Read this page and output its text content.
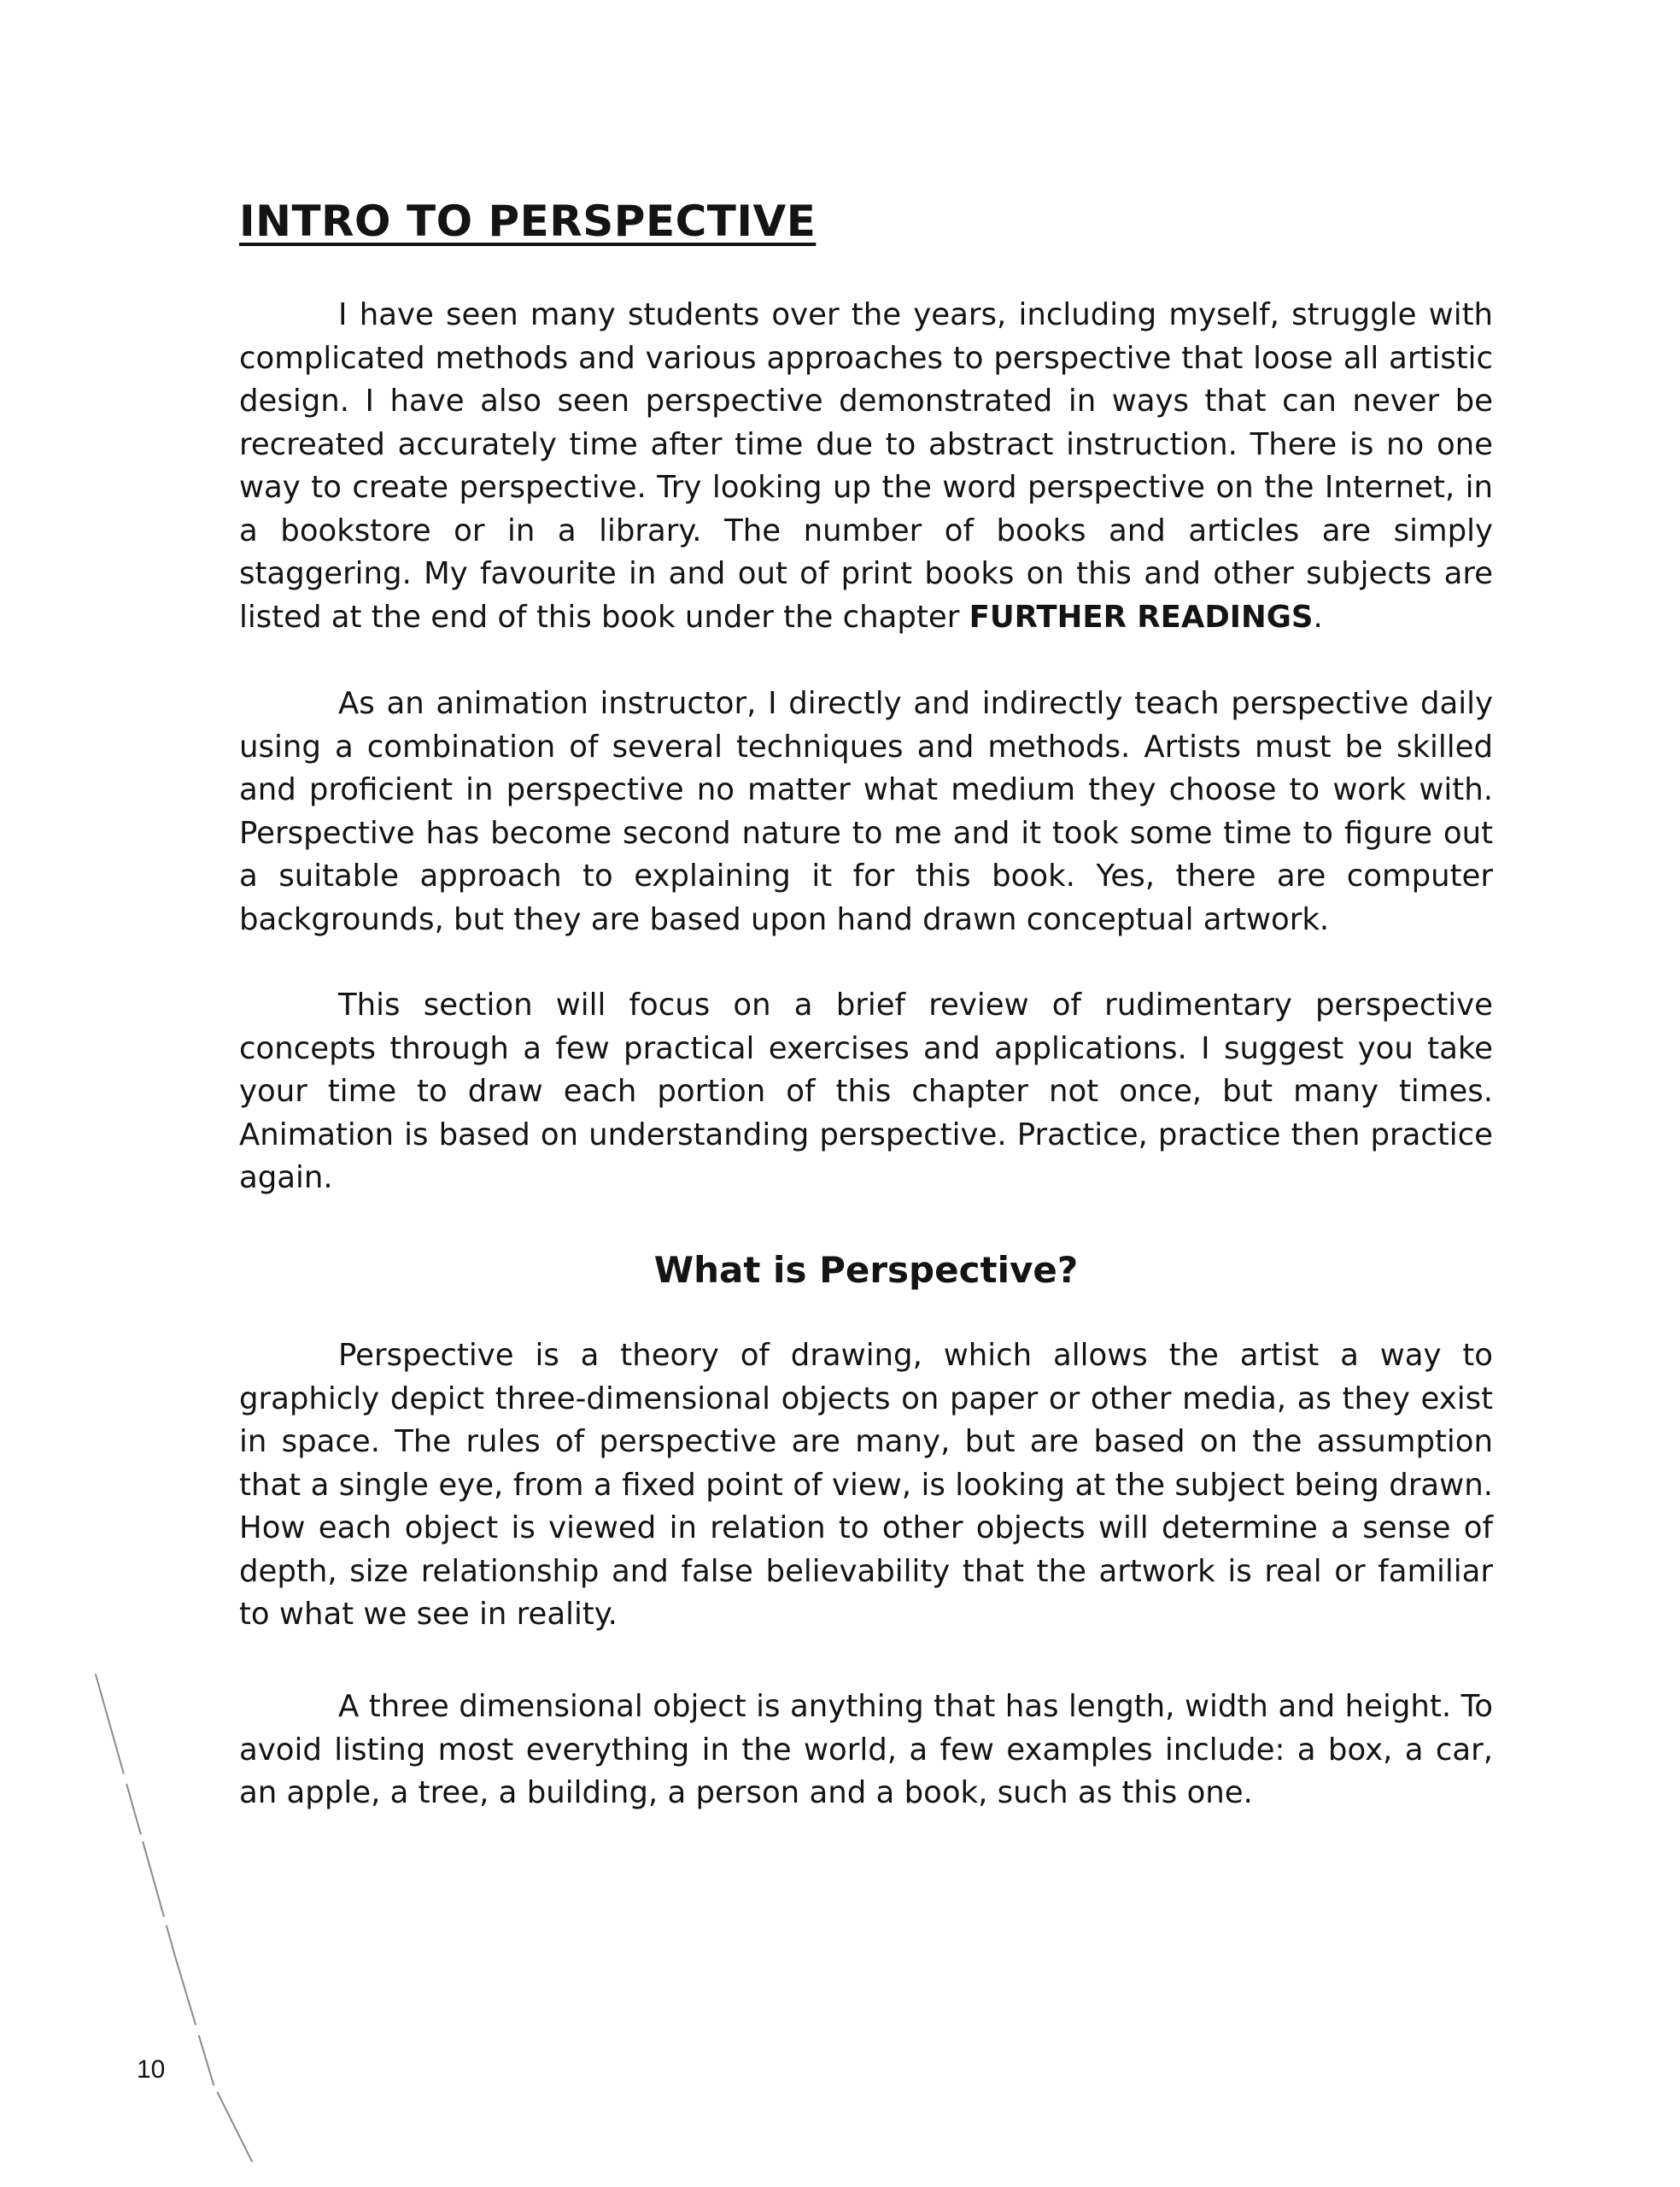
INTRO TO PERSPECTIVE

I have seen many students over the years, including myself, struggle with complicated methods and various approaches to perspective that loose all artistic design. I have also seen perspective demonstrated in ways that can never be recreated accurately time after time due to abstract instruction. There is no one way to create perspective. Try looking up the word perspective on the Internet, in a bookstore or in a library. The number of books and articles are simply staggering. My favourite in and out of print books on this and other subjects are listed at the end of this book under the chapter FURTHER READINGS.

As an animation instructor, I directly and indirectly teach perspective daily using a combination of several techniques and methods. Artists must be skilled and proficient in perspective no matter what medium they choose to work with. Perspective has become second nature to me and it took some time to figure out a suitable approach to explaining it for this book. Yes, there are computer backgrounds, but they are based upon hand drawn conceptual artwork.

This section will focus on a brief review of rudimentary perspective concepts through a few practical exercises and applications. I suggest you take your time to draw each portion of this chapter not once, but many times. Animation is based on understanding perspective. Practice, practice then practice again.

What is Perspective?

Perspective is a theory of drawing, which allows the artist a way to graphicly depict three-dimensional objects on paper or other media, as they exist in space. The rules of perspective are many, but are based on the assumption that a single eye, from a fixed point of view, is looking at the subject being drawn. How each object is viewed in relation to other objects will determine a sense of depth, size relationship and false believability that the artwork is real or familiar to what we see in reality.

A three dimensional object is anything that has length, width and height. To avoid listing most everything in the world, a few examples include: a box, a car, an apple, a tree, a building, a person and a book, such as this one.

10
